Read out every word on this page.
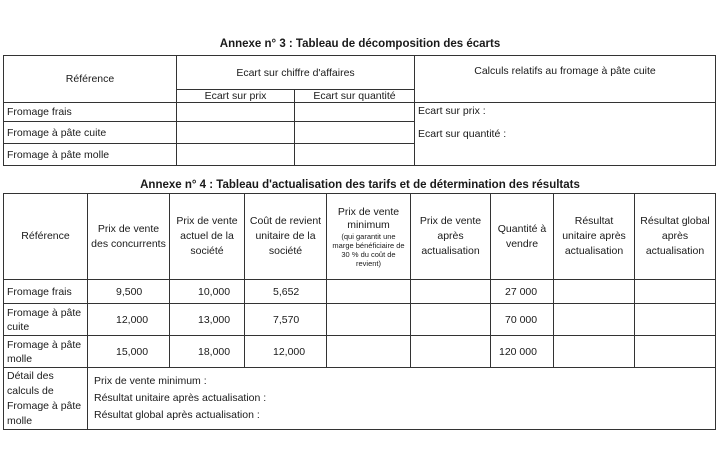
Annexe n° 3 : Tableau de décomposition des écarts
Référence	Ecart sur chiffre d'affaires		Calculs relatifs au fromage à pâte cuite
	Ecart sur prix	Ecart sur quantité	
Fromage frais			Ecart sur prix :
Fromage à pâte cuite			Ecart sur quantité :
Fromage à pâte molle			
Annexe n° 4 : Tableau d'actualisation des tarifs et de détermination des résultats
Référence	Prix de vente des concurrents	Prix de vente actuel de la société	Coût de revient unitaire de la société	Prix de vente minimum
(qui garantit une
marge bénéficiaire de 30 % du coût de revient)	Prix de vente après actualisation	Quantité à vendre	Résultat unitaire après actualisation	Résultat global après actualisation
Fromage frais	9,500	10,000	5,652			27 000		
Fromage à pâte cuite	12,000	13,000	7,570			70 000		
Fromage à pâte molle	15,000	18,000	12,000			120 000		
Détail des calculs de Fromage à pâte molle	Prix de vente minimum :
Résultat unitaire après actualisation :
Résultat global après actualisation :							
